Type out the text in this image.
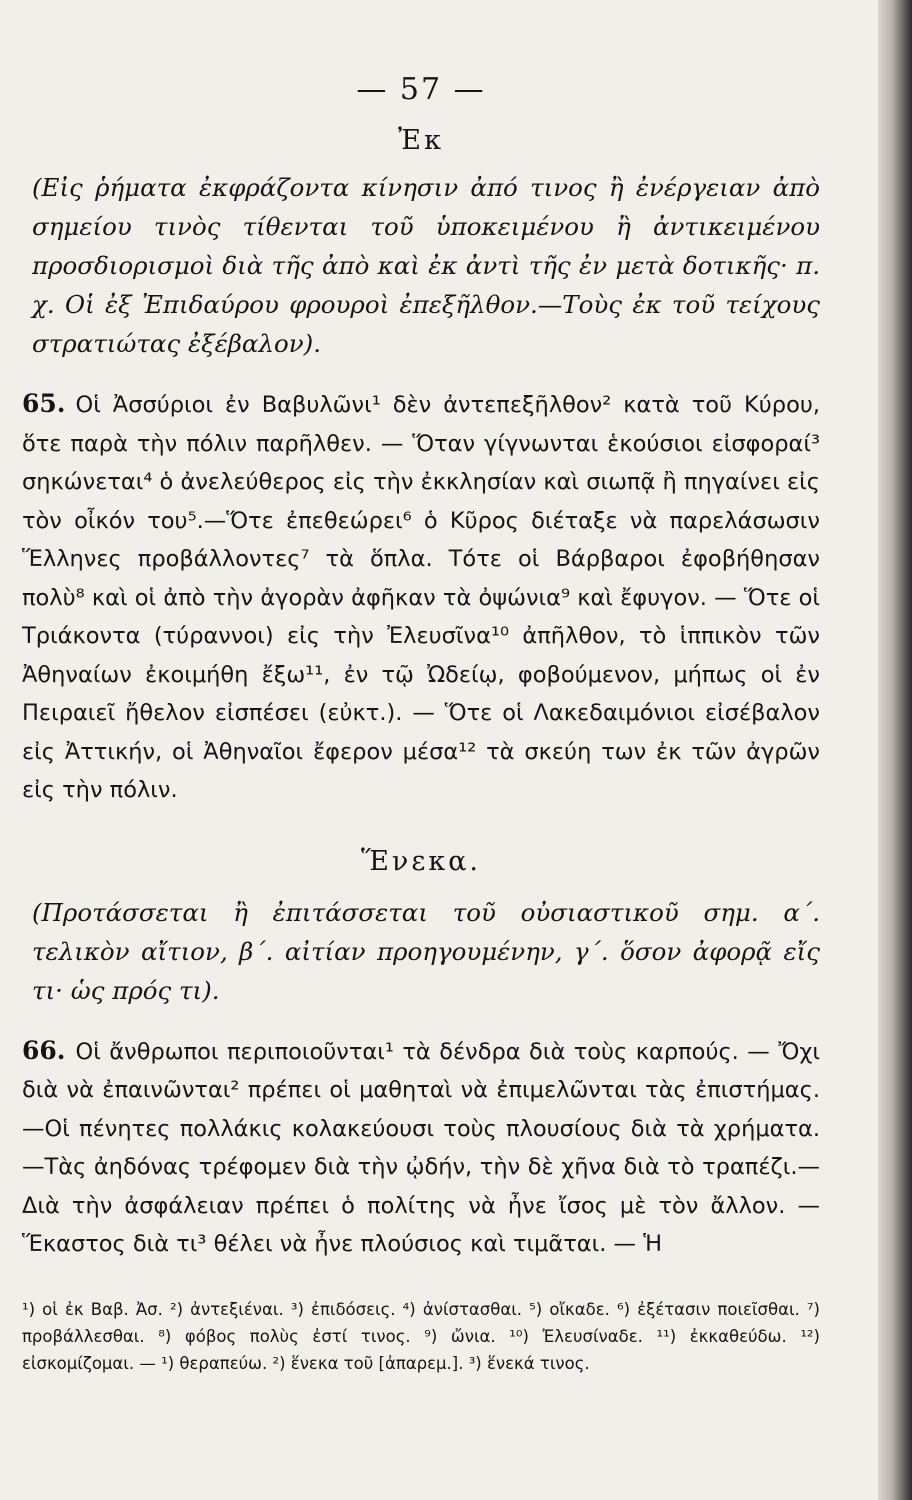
— 57 —
Ἐκ

(Εἰς ῥήματα ἐκφράζοντα κίνησιν ἀπό τινος ἢ ἐνέργειαν ἀπὸ σημείου τινὸς τίθενται τοῦ ὑποκειμένου ἢ ἀντικειμένου προσδιορισμοὶ διὰ τῆς ἀπὸ καὶ ἐκ ἀντὶ τῆς ἐν μετὰ δοτικῆς· π. χ. Οἱ ἐξ Ἐπιδαύρου φρουροὶ ἐπεξῆλθον.—Τοὺς ἐκ τοῦ τείχους στρατιώτας ἐξέβαλον).

65. Οἱ Ἀσσύριοι ἐν Βαβυλῶνι¹ δὲν ἀντεπεξῆλθον² κατὰ τοῦ Κύρου, ὅτε παρὰ τὴν πόλιν παρῆλθεν. — Ὅταν γίγνωνται ἑκούσιοι εἰσφοραί³ σηκώνεται⁴ ὁ ἀνελεύθερος εἰς τὴν ἐκκλησίαν καὶ σιωπᾷ ἢ πηγαίνει εἰς τὸν οἶκόν του⁵.—Ὅτε ἐπεθεώρει⁶ ὁ Κῦρος διέταξε νὰ παρελάσωσιν Ἕλληνες προβάλλοντες⁷ τὰ ὅπλα. Τότε οἱ Βάρβαροι ἐφοβήθησαν πολὺ⁸ καὶ οἱ ἀπὸ τὴν ἀγορὰν ἀφῆκαν τὰ ὀψώνια⁹ καὶ ἔφυγον. — Ὅτε οἱ Τριάκοντα (τύραννοι) εἰς τὴν Ἐλευσῖνα¹⁰ ἀπῆλθον, τὸ ἱππικὸν τῶν Ἀθηναίων ἐκοιμήθη ἔξω¹¹, ἐν τῷ Ὠδείῳ, φοβούμενον, μήπως οἱ ἐν Πειραιεῖ ἤθελον εἰσπέσει (εὐκτ.). — Ὅτε οἱ Λακεδαιμόνιοι εἰσέβαλον εἰς Ἀττικήν, οἱ Ἀθηναῖοι ἔφερον μέσα¹² τὰ σκεύη των ἐκ τῶν ἀγρῶν εἰς τὴν πόλιν.

Ἕνεκα.

(Προτάσσεται ἢ ἐπιτάσσεται τοῦ οὐσιαστικοῦ σημ. α΄. τελικὸν αἴτιον, β΄. αἰτίαν προηγουμένην, γ΄. ὅσον ἀφορᾷ εἴς τι· ὡς πρός τι).

66. Οἱ ἄνθρωποι περιποιοῦνται¹ τὰ δένδρα διὰ τοὺς καρπούς. — Ὄχι διὰ νὰ ἐπαινῶνται² πρέπει οἱ μαθηταὶ νὰ ἐπιμελῶνται τὰς ἐπιστήμας.—Οἱ πένητες πολλάκις κολακεύουσι τοὺς πλουσίους διὰ τὰ χρήματα.—Τὰς ἀηδόνας τρέφομεν διὰ τὴν ᾠδήν, τὴν δὲ χῆνα διὰ τὸ τραπέζι.—Διὰ τὴν ἀσφάλειαν πρέπει ὁ πολίτης νὰ ἦνε ἴσος μὲ τὸν ἄλλον. — Ἕκαστος διὰ τι³ θέλει νὰ ἦνε πλούσιος καὶ τιμᾶται. — Ἡ

¹) οἱ ἐκ Βαβ. Ἀσ. ²) ἀντεξιέναι. ³) ἐπιδόσεις. ⁴) ἀνίστασθαι. ⁵) οἴκαδε. ⁶) ἐξέτασιν ποιεῖσθαι. ⁷) προβάλλεσθαι. ⁸) φόβος πολὺς ἐστί τινος. ⁹) ὤνια. ¹⁰) Ἐλευσίναδε. ¹¹) ἐκκαθεύδω. ¹²) εἰσκομίζομαι. — ¹) θεραπεύω. ²) ἕνεκα τοῦ [ἀπαρεμ.]. ³) ἕνεκά τινος.
